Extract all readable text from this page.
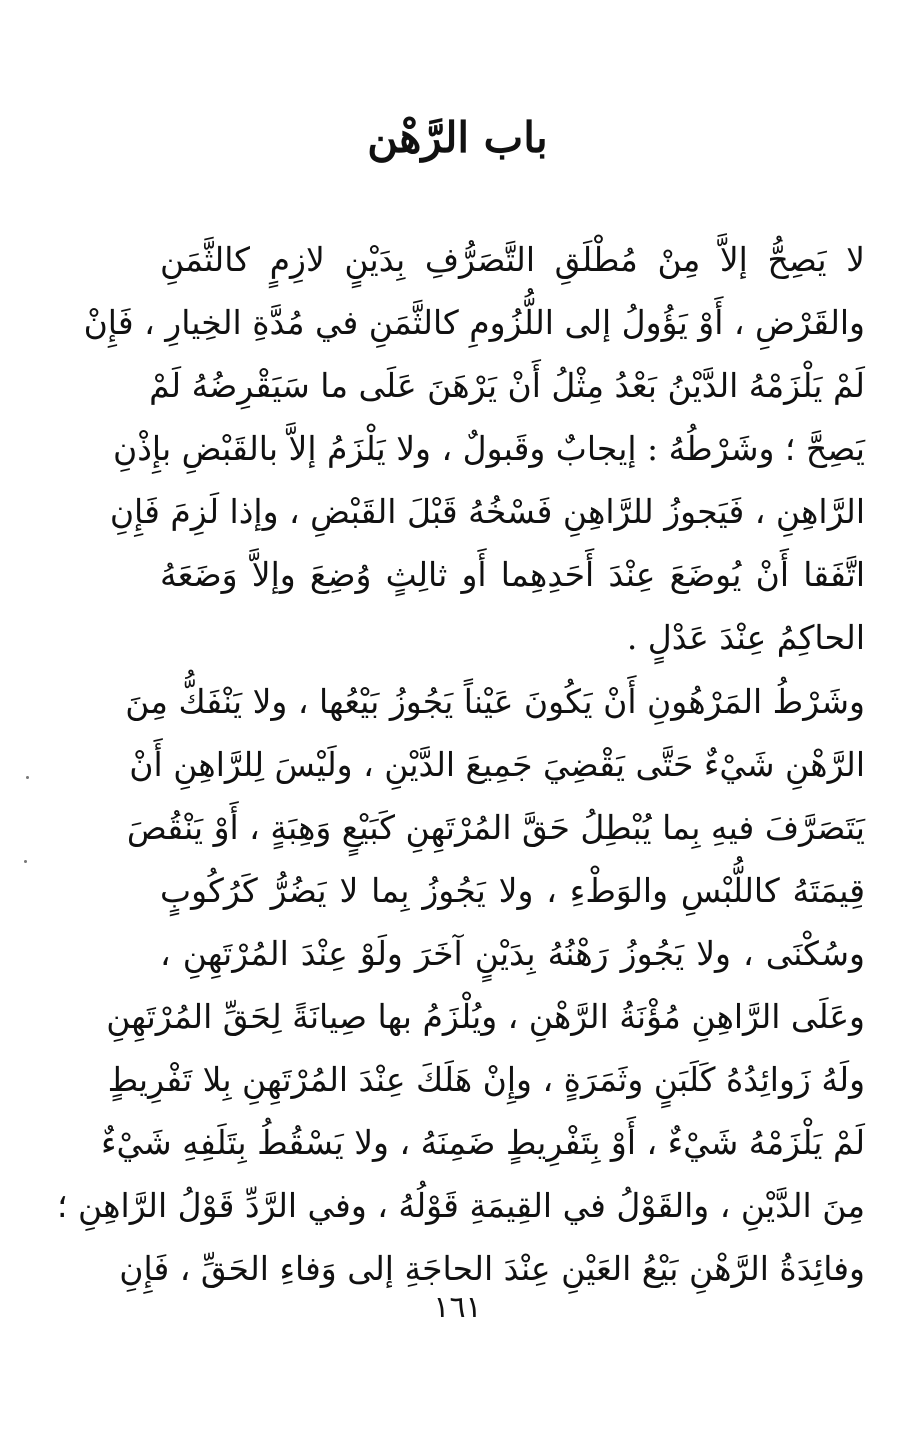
باب الرَّهْن
لا يَصِحُّ إلاَّ مِنْ مُطْلَقِ التَّصَرُّفِ بِدَيْنٍ لازِمٍ كالثَّمَنِ
والقَرْضِ ، أَوْ يَؤُولُ إلى اللُّزُومِ كالثَّمَنِ في مُدَّةِ الخِيارِ ، فَإِنْ
لَمْ يَلْزَمْهُ الدَّيْنُ بَعْدُ مِثْلُ أَنْ يَرْهَنَ عَلَى ما سَيَقْرِضُهُ لَمْ
يَصِحَّ ؛ وشَرْطُهُ : إيجابٌ وقَبولٌ ، ولا يَلْزَمُ إلاَّ بالقَبْضِ بإِذْنِ
الرَّاهِنِ ، فَيَجوزُ للرَّاهِنِ فَسْخُهُ قَبْلَ القَبْضِ ، وإذا لَزِمَ فَإِنِ
اتَّفَقا أَنْ يُوضَعَ عِنْدَ أَحَدِهِما أَو ثالِثٍ وُضِعَ وإلاَّ وَضَعَهُ
الحاكِمُ عِنْدَ عَدْلٍ .
وشَرْطُ المَرْهُونِ أَنْ يَكُونَ عَيْناً يَجُوزُ بَيْعُها ، ولا يَنْفَكُّ مِنَ
الرَّهْنِ شَيْءٌ حَتَّى يَقْضِيَ جَمِيعَ الدَّيْنِ ، ولَيْسَ لِلرَّاهِنِ أَنْ
يَتَصَرَّفَ فيهِ بِما يُبْطِلُ حَقَّ المُرْتَهِنِ كَبَيْعٍ وَهِبَةٍ ، أَوْ يَنْقُصَ
قِيمَتَهُ كاللُّبْسِ والوَطْءِ ، ولا يَجُوزُ بِما لا يَضُرُّ كَرُكُوبٍ
وسُكْنَى ، ولا يَجُوزُ رَهْنُهُ بِدَيْنٍ آخَرَ ولَوْ عِنْدَ المُرْتَهِنِ ،
وعَلَى الرَّاهِنِ مُؤْنَةُ الرَّهْنِ ، ويُلْزَمُ بها صِيانَةً لِحَقِّ المُرْتَهِنِ
ولَهُ زَوائِدُهُ كَلَبَنٍ وثَمَرَةٍ ، وإِنْ هَلَكَ عِنْدَ المُرْتَهِنِ بِلا تَفْرِيطٍ
لَمْ يَلْزَمْهُ شَيْءٌ ، أَوْ بِتَفْرِيطٍ ضَمِنَهُ ، ولا يَسْقُطُ بِتَلَفِهِ شَيْءٌ
مِنَ الدَّيْنِ ، والقَوْلُ في القِيمَةِ قَوْلُهُ ، وفي الرَّدِّ قَوْلُ الرَّاهِنِ ؛
وفائِدَةُ الرَّهْنِ بَيْعُ العَيْنِ عِنْدَ الحاجَةِ إلى وَفاءِ الحَقِّ ، فَإِنِ
١٦١
